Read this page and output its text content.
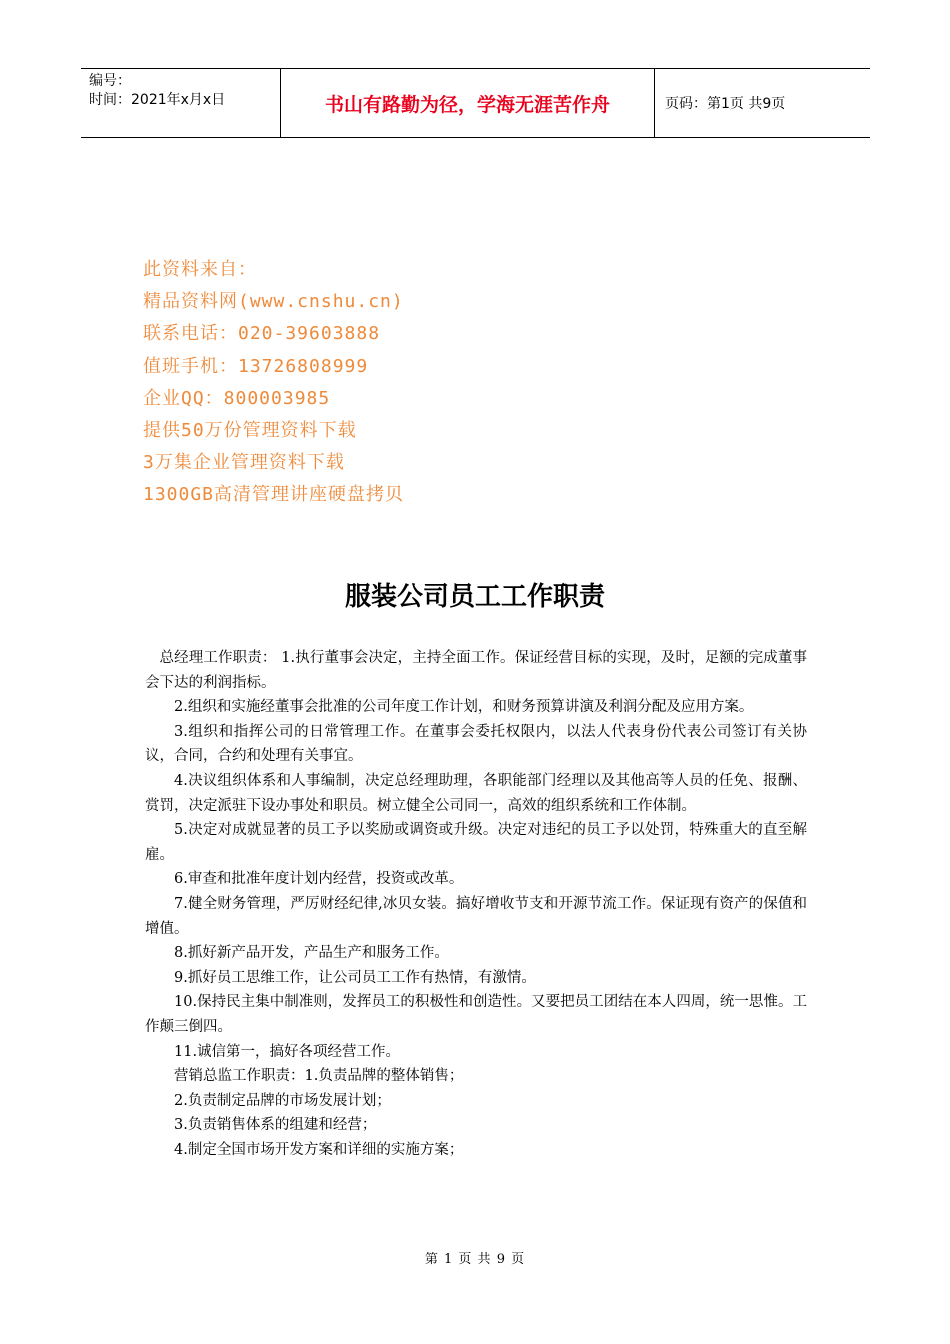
编号：
时间：2021年x月x日	书山有路勤为径，学海无涯苦作舟	页码：第1页 共9页
此资料来自：
精品资料网(www.cnshu.cn)
联系电话：020-39603888
值班手机：13726808999
企业QQ：800003985
提供50万份管理资料下载
3万集企业管理资料下载
1300GB高清管理讲座硬盘拷贝
服装公司员工工作职责

总经理工作职责： 1.执行董事会决定，主持全面工作。保证经营目标的实现，及时，足额的完成董事会下达的利润指标。

2.组织和实施经董事会批准的公司年度工作计划，和财务预算讲演及利润分配及应用方案。

3.组织和指挥公司的日常管理工作。在董事会委托权限内，以法人代表身份代表公司签订有关协议，合同，合约和处理有关事宜。

4.决议组织体系和人事编制，决定总经理助理，各职能部门经理以及其他高等人员的任免、报酬、赏罚，决定派驻下设办事处和职员。树立健全公司同一，高效的组织系统和工作体制。

5.决定对成就显著的员工予以奖励或调资或升级。决定对违纪的员工予以处罚，特殊重大的直至解雇。

6.审查和批准年度计划内经营，投资或改革。

7.健全财务管理，严厉财经纪律,冰贝女装。搞好增收节支和开源节流工作。保证现有资产的保值和增值。

8.抓好新产品开发，产品生产和服务工作。

9.抓好员工思维工作，让公司员工工作有热情，有激情。

10.保持民主集中制准则，发挥员工的积极性和创造性。又要把员工团结在本人四周，统一思惟。工作颠三倒四。

11.诚信第一，搞好各项经营工作。

营销总监工作职责：1.负责品牌的整体销售；

2.负责制定品牌的市场发展计划；

3.负责销售体系的组建和经营；

4.制定全国市场开发方案和详细的实施方案；

第 1 页 共 9 页
